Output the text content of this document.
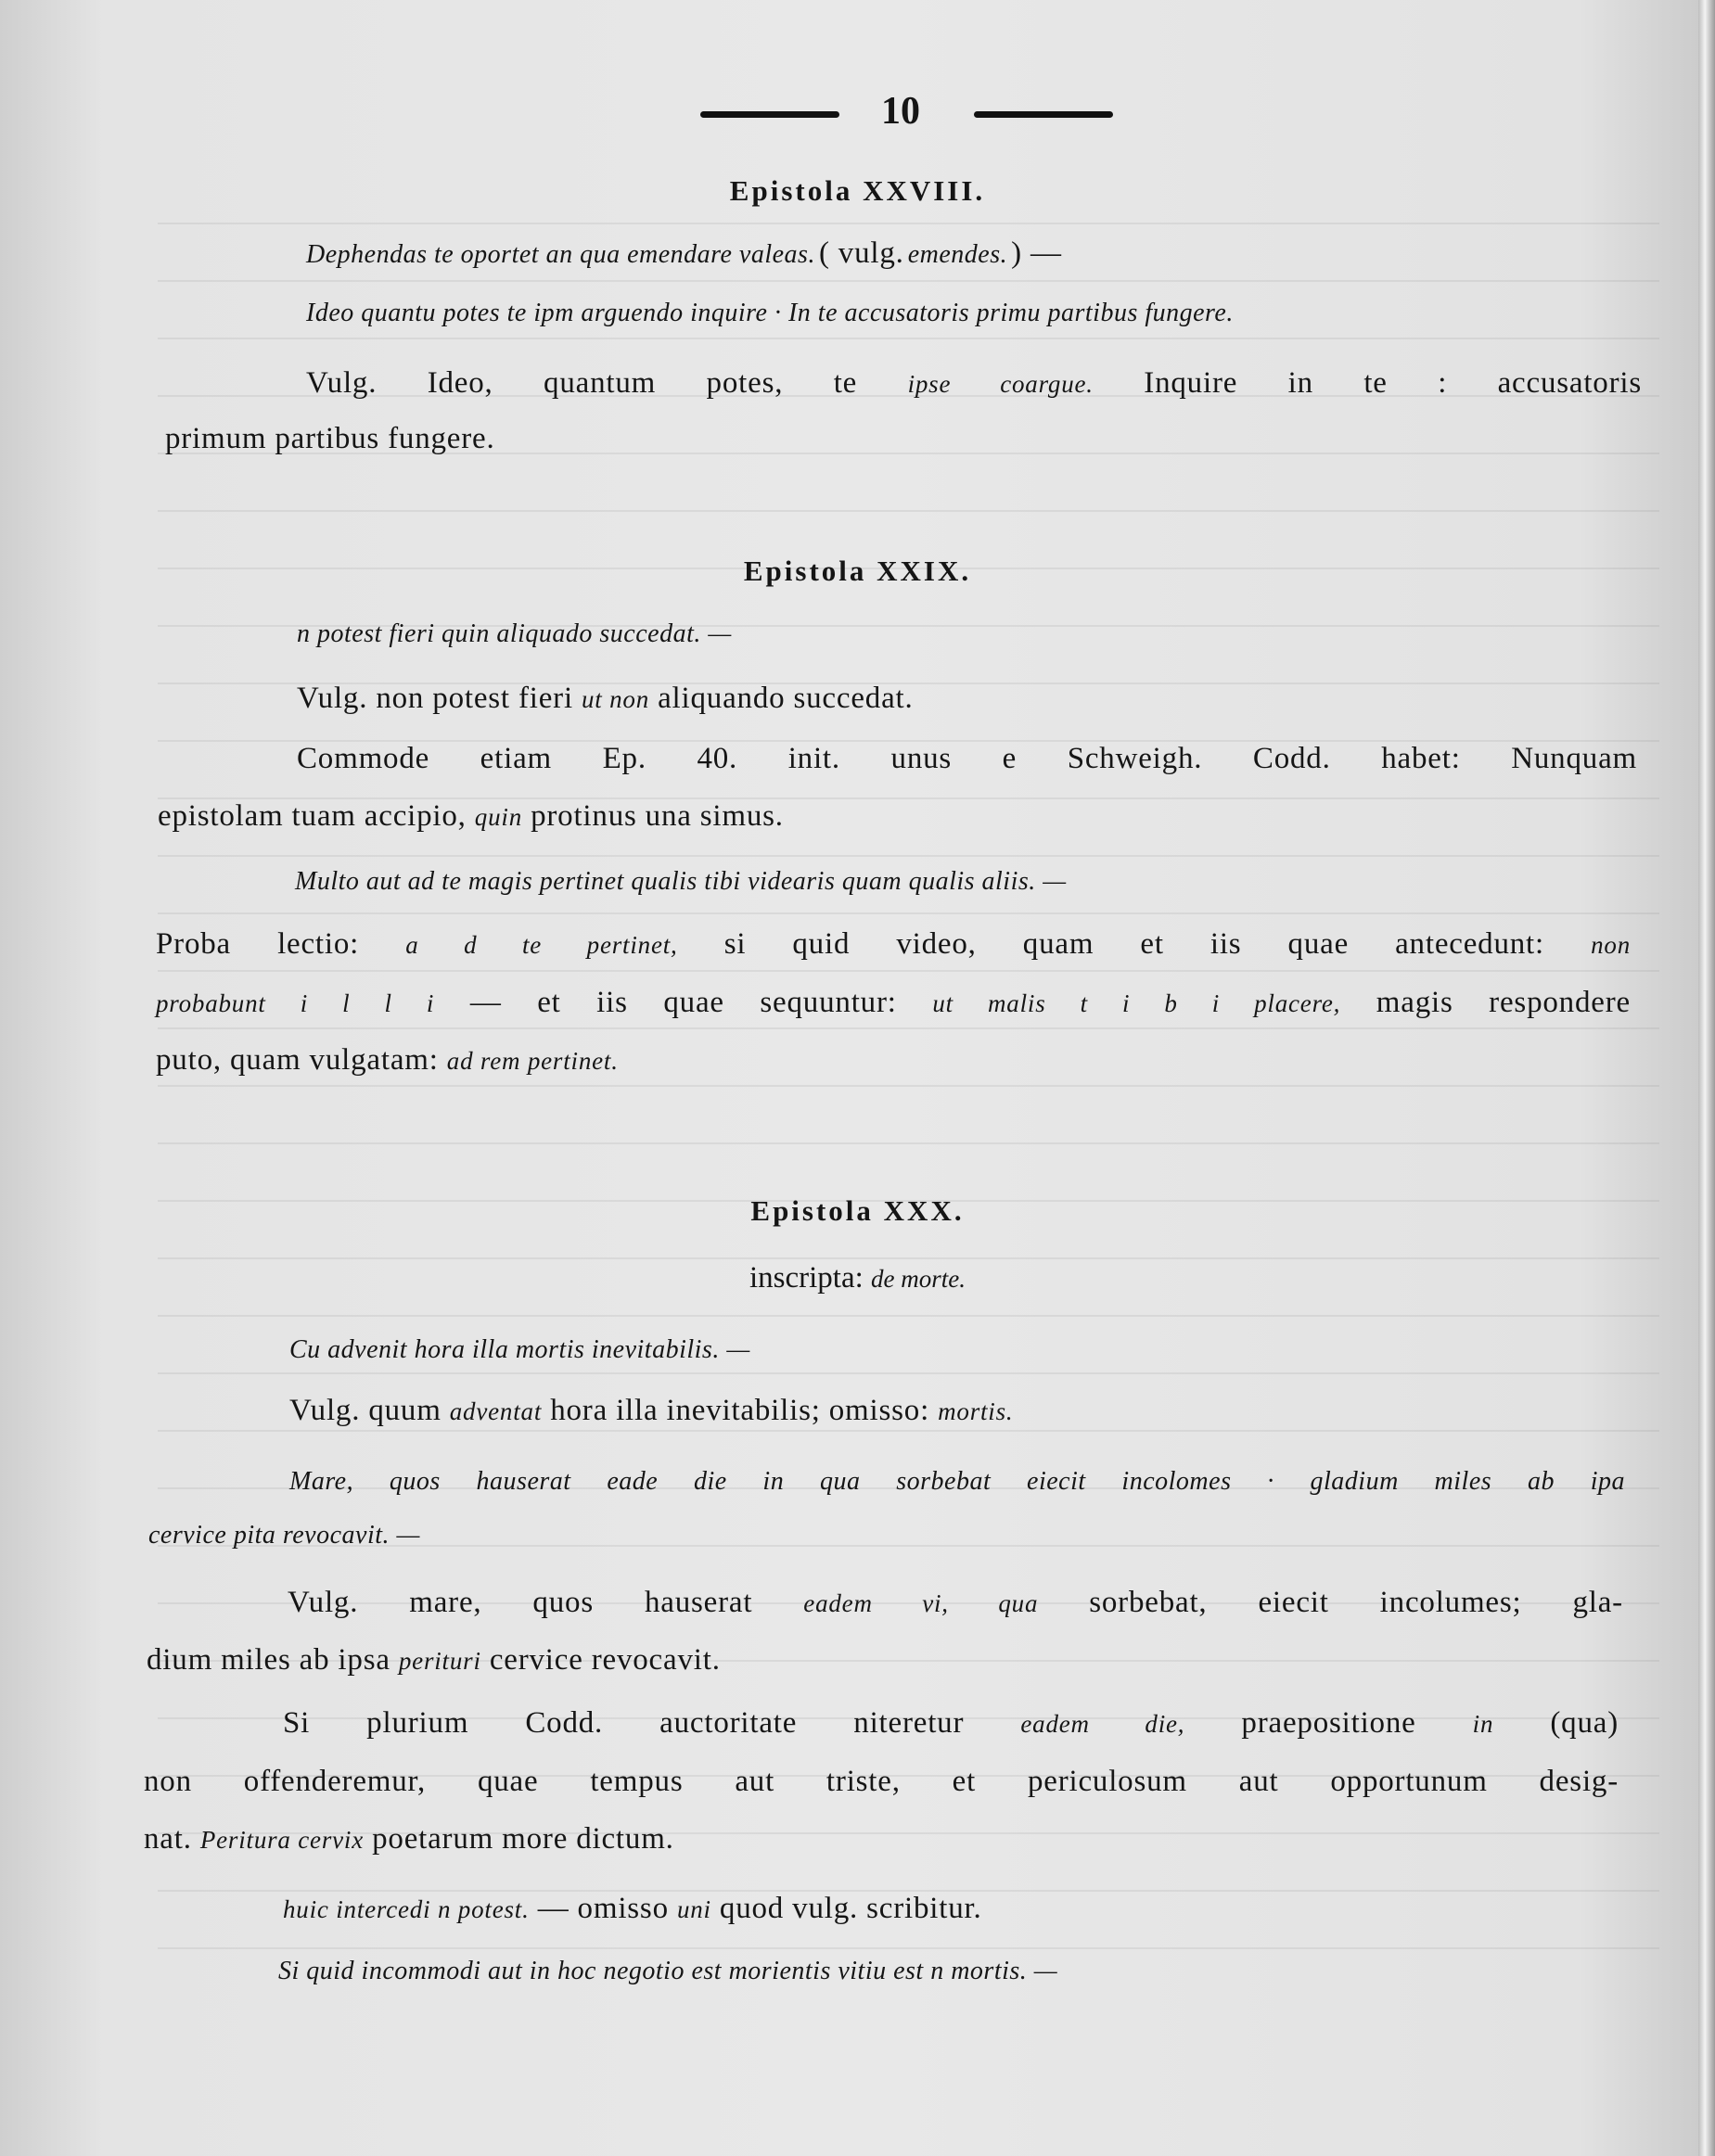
10
Epistola XXVIII.
Dephendas te oportet an qua emendare valeas. ( vulg. emendes. ) —
Ideo quantu potes te ipm arguendo inquire · In te accusatoris primu partibus fungere.
Vulg. Ideo, quantum potes, te ipse coargue. Inquire in te : accusatoris
primum partibus fungere.
Epistola XXIX.
n potest fieri quin aliquado succedat. —
Vulg. non potest fieri ut non aliquando succedat.
Commode etiam Ep. 40. init. unus e Schweigh. Codd. habet: Nunquam
epistolam tuam accipio, quin protinus una simus.
Multo aut ad te magis pertinet qualis tibi videaris quam qualis aliis. —
Proba lectio: a d te pertinet, si quid video, quam et iis quae antecedunt: non
probabunt i l l i — et iis quae sequuntur: ut malis t i b i placere, magis respondere
puto, quam vulgatam: ad rem pertinet.
Epistola XXX.
inscripta: de morte.
Cu advenit hora illa mortis inevitabilis. —
Vulg. quum adventat hora illa inevitabilis; omisso: mortis.
Mare, quos hauserat eade die in qua sorbebat eiecit incolomes · gladium miles ab ipa
cervice pita revocavit. —
Vulg. mare, quos hauserat eadem vi, qua sorbebat, eiecit incolumes; gla-
dium miles ab ipsa perituri cervice revocavit.
Si plurium Codd. auctoritate niteretur eadem die, praepositione in (qua)
non offenderemur, quae tempus aut triste, et periculosum aut opportunum desig-
nat. Peritura cervix poetarum more dictum.
huic intercedi n potest. — omisso uni quod vulg. scribitur.
Si quid incommodi aut in hoc negotio est morientis vitiu est n mortis. —
